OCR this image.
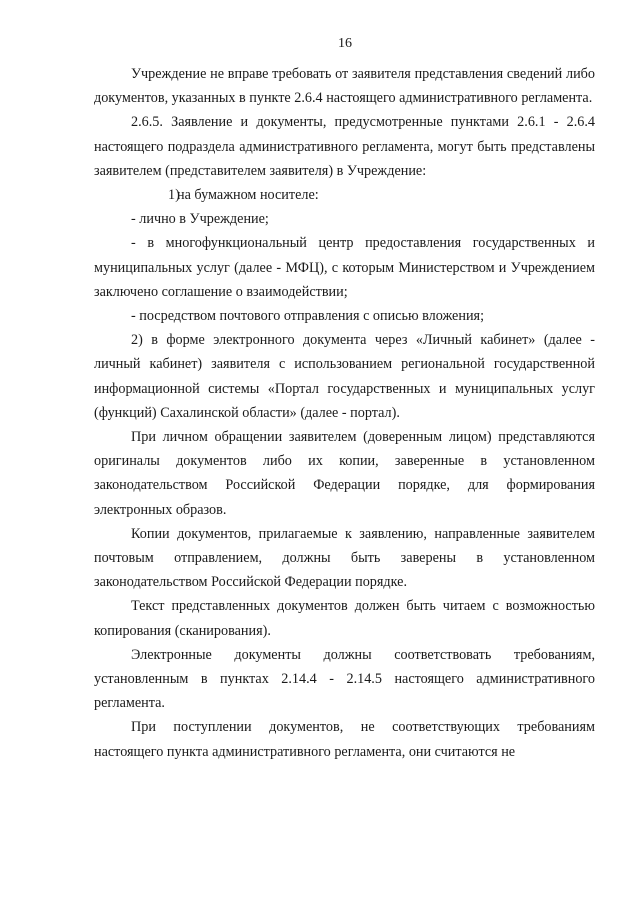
16

Учреждение не вправе требовать от заявителя представления сведений либо документов, указанных в пункте 2.6.4 настоящего административного регламента.

2.6.5. Заявление и документы, предусмотренные пунктами 2.6.1 - 2.6.4 настоящего подраздела административного регламента, могут быть представлены заявителем (представителем заявителя) в Учреждение:

1)на бумажном носителе:

- лично в Учреждение;

- в многофункциональный центр предоставления государственных и муниципальных услуг (далее - МФЦ), с которым Министерством и Учреждением заключено соглашение о взаимодействии;

- посредством почтового отправления с описью вложения;

2) в форме электронного документа через «Личный кабинет» (далее - личный кабинет) заявителя с использованием региональной государственной информационной системы «Портал государственных и муниципальных услуг (функций) Сахалинской области» (далее - портал).

При личном обращении заявителем (доверенным лицом) представляются оригиналы документов либо их копии, заверенные в установленном законодательством Российской Федерации порядке, для формирования электронных образов.

Копии документов, прилагаемые к заявлению, направленные заявителем почтовым отправлением, должны быть заверены в установленном законодательством Российской Федерации порядке.

Текст представленных документов должен быть читаем с возможностью копирования (сканирования).

Электронные документы должны соответствовать требованиям, установленным в пунктах 2.14.4 - 2.14.5 настоящего административного регламента.

При поступлении документов, не соответствующих требованиям настоящего пункта административного регламента, они считаются не
